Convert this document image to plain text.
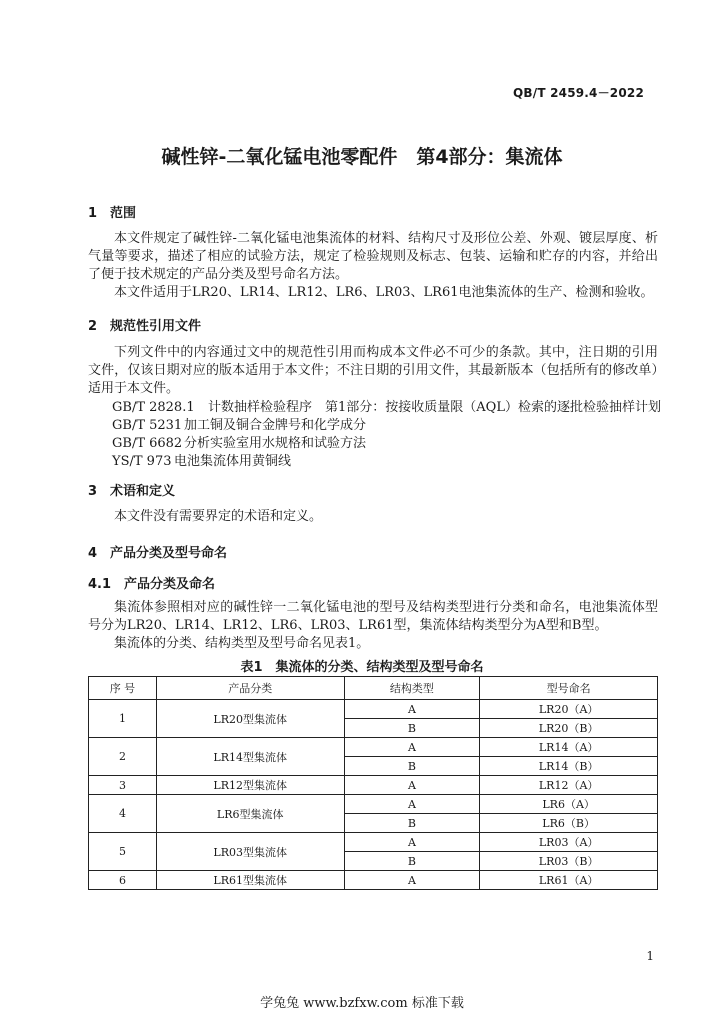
QB/T 2459.4－2022
碱性锌-二氧化锰电池零配件　第4部分：集流体
1　范围
本文件规定了碱性锌-二氧化锰电池集流体的材料、结构尺寸及形位公差、外观、镀层厚度、析气量等要求，描述了相应的试验方法，规定了检验规则及标志、包装、运输和贮存的内容，并给出了便于技术规定的产品分类及型号命名方法。
本文件适用于LR20、LR14、LR12、LR6、LR03、LR61电池集流体的生产、检测和验收。
2　规范性引用文件
下列文件中的内容通过文中的规范性引用而构成本文件必不可少的条款。其中，注日期的引用文件，仅该日期对应的版本适用于本文件；不注日期的引用文件，其最新版本（包括所有的修改单）适用于本文件。
GB/T 2828.1 计数抽样检验程序　第1部分：按接收质量限（AQL）检索的逐批检验抽样计划
GB/T 5231 加工铜及铜合金牌号和化学成分
GB/T 6682 分析实验室用水规格和试验方法
YS/T 973 电池集流体用黄铜线
3　术语和定义
本文件没有需要界定的术语和定义。
4　产品分类及型号命名
4.1　产品分类及命名
集流体参照相对应的碱性锌一二氧化锰电池的型号及结构类型进行分类和命名，电池集流体型号分为LR20、LR14、LR12、LR6、LR03、LR61型，集流体结构类型分为A型和B型。
集流体的分类、结构类型及型号命名见表1。
表1　集流体的分类、结构类型及型号命名
序 号	产品分类	结构类型	型号命名
1	LR20型集流体	A	LR20（A）
		B	LR20（B）
2	LR14型集流体	A	LR14（A）
		B	LR14（B）
3	LR12型集流体	A	LR12（A）
4	LR6型集流体	A	LR6（A）
		B	LR6（B）
5	LR03型集流体	A	LR03（A）
		B	LR03（B）
6	LR61型集流体	A	LR61（A）
1
学兔兔 www.bzfxw.com 标准下载
